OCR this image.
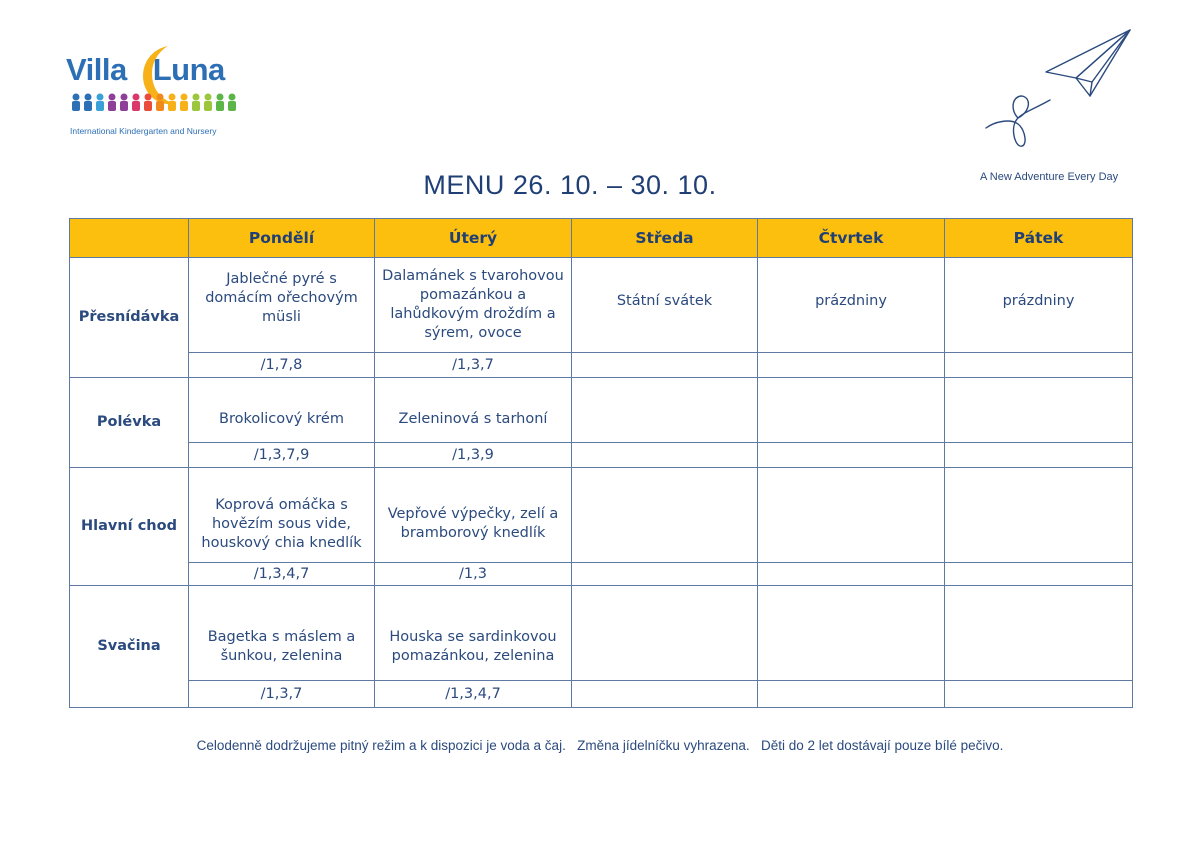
Villa Luna
International Kindergarten and Nursery
A New Adventure Every Day
MENU 26. 10. – 30. 10.
	Pondělí	Úterý	Středa	Čtvrtek	Pátek
Přesnídávka	Jablečné pyré s domácím ořechovým müsli	Dalamánek s tvarohovou pomazánkou a lahůdkovým droždím a sýrem, ovoce	Státní svátek	prázdniny	prázdniny
	/1,7,8	/1,3,7			
Polévka	Brokolicový krém	Zeleninová s tarhoní			
	/1,3,7,9	/1,3,9			
Hlavní chod	Koprová omáčka s hovězím sous vide, houskový chia knedlík	Vepřové výpečky, zelí a bramborový knedlík			
	/1,3,4,7	/1,3			
Svačina	Bagetka s máslem a šunkou, zelenina	Houska se sardinkovou pomazánkou, zelenina			
	/1,3,7	/1,3,4,7			
Celodenně dodržujeme pitný režim a k dispozici je voda a čaj. Změna jídelníčku vyhrazena. Děti do 2 let dostávají pouze bílé pečivo.
